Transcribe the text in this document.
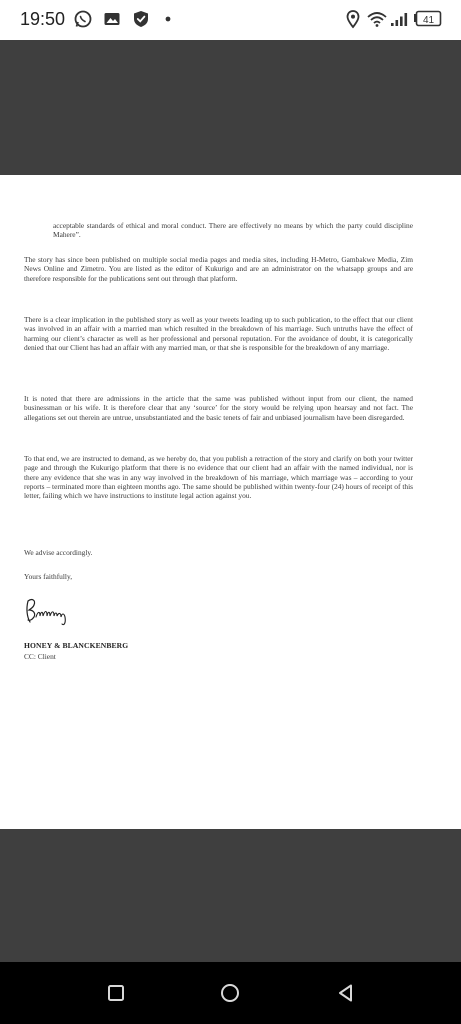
19:50	41

acceptable standards of ethical and moral conduct. There are effectively no means by which the party could discipline Mahere”.

The story has since been published on multiple social media pages and media sites, including H-Metro, Gambakwe Media, Zim News Online and Zimetro. You are listed as the editor of Kukurigo and are an administrator on the whatsapp groups and are therefore responsible for the publications sent out through that platform.

There is a clear implication in the published story as well as your tweets leading up to such publication, to the effect that our client was involved in an affair with a married man which resulted in the breakdown of his marriage. Such untruths have the effect of harming our client’s character as well as her professional and personal reputation. For the avoidance of doubt, it is categorically denied that our Client has had an affair with any married man, or that she is responsible for the breakdown of any marriage.

It is noted that there are admissions in the article that the same was published without input from our client, the named businessman or his wife. It is therefore clear that any ‘source’ for the story would be relying upon hearsay and not fact. The allegations set out therein are untrue, unsubstantiated and the basic tenets of fair and unbiased journalism have been disregarded.

To that end, we are instructed to demand, as we hereby do, that you publish a retraction of the story and clarify on both your twitter page and through the Kukurigo platform that there is no evidence that our client had an affair with the named individual, nor is there any evidence that she was in any way involved in the breakdown of his marriage, which marriage was – according to your reports – terminated more than eighteen months ago. The same should be published within twenty-four (24) hours of receipt of this letter, failing which we have instructions to institute legal action against you.

We advise accordingly.

Yours faithfully,

HONEY & BLANCKENBERG
CC: Client
